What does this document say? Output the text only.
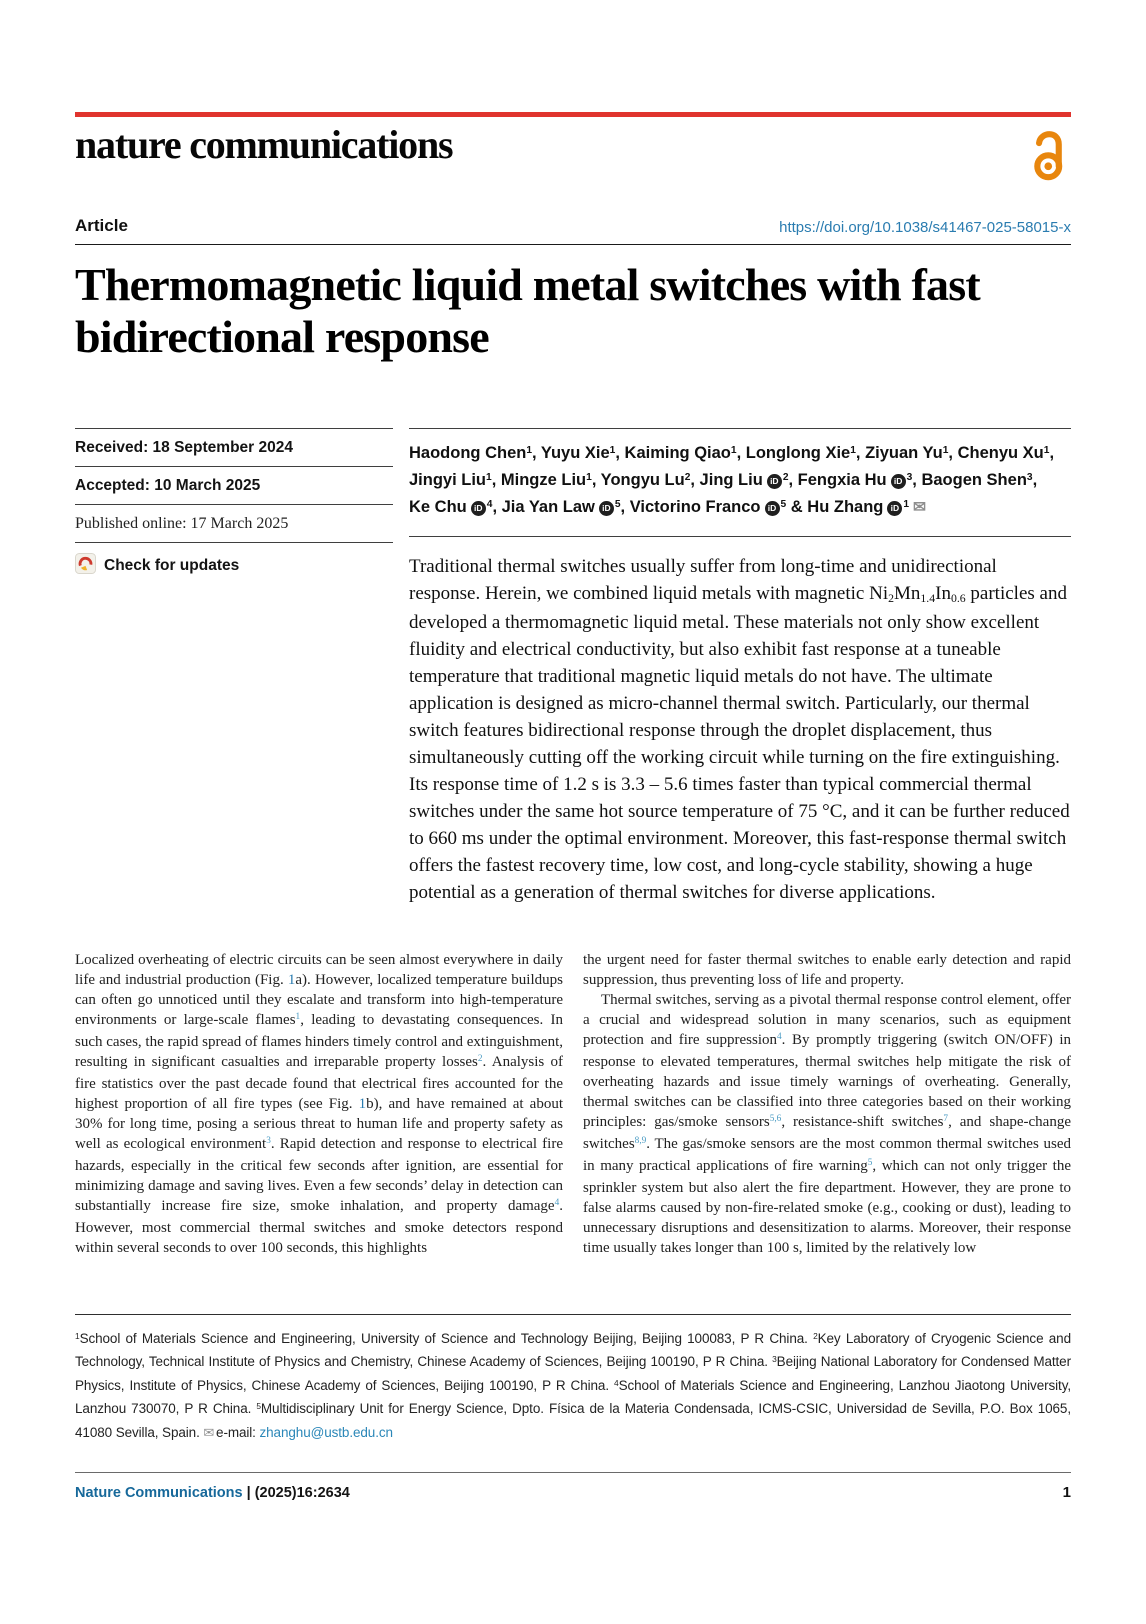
nature communications
Article	https://doi.org/10.1038/s41467-025-58015-x
Thermomagnetic liquid metal switches with fast bidirectional response
Received: 18 September 2024
Accepted: 10 March 2025
Published online: 17 March 2025
Check for updates

Haodong Chen$^1$, Yuyu Xie$^1$, Kaiming Qiao$^1$, Longlong Xie$^1$, Ziyuan Yu$^1$, Chenyu Xu$^1$,
Jingyi Liu$^1$, Mingze Liu$^1$, Yongyu Lu$^2$, Jing Liu iD $^2$, Fengxia Hu iD $^3$, Baogen Shen$^3$,
Ke Chu iD $^4$, Jia Yan Law iD $^5$, Victorino Franco iD $^5$ & Hu Zhang iD $^1$ ✉

Traditional thermal switches usually suffer from long-time and unidirectional response. Herein, we combined liquid metals with magnetic Ni2Mn1.4In0.6 particles and developed a thermomagnetic liquid metal. These materials not only show excellent fluidity and electrical conductivity, but also exhibit fast response at a tuneable temperature that traditional magnetic liquid metals do not have. The ultimate application is designed as micro-channel thermal switch. Particularly, our thermal switch features bidirectional response through the droplet displacement, thus simultaneously cutting off the working circuit while turning on the fire extinguishing. Its response time of 1.2 s is 3.3 – 5.6 times faster than typical commercial thermal switches under the same hot source temperature of 75 °C, and it can be further reduced to 660 ms under the optimal environment. Moreover, this fast-response thermal switch offers the fastest recovery time, low cost, and long-cycle stability, showing a huge potential as a generation of thermal switches for diverse applications.

Localized overheating of electric circuits can be seen almost everywhere in daily life and industrial production (Fig. 1a). However, localized temperature buildups can often go unnoticed until they escalate and transform into high-temperature environments or large-scale flames$^1$, leading to devastating consequences. In such cases, the rapid spread of flames hinders timely control and extinguishment, resulting in significant casualties and irreparable property losses$^2$. Analysis of fire statistics over the past decade found that electrical fires accounted for the highest proportion of all fire types (see Fig. 1b), and have remained at about 30% for long time, posing a serious threat to human life and property safety as well as ecological environment$^3$. Rapid detection and response to electrical fire hazards, especially in the critical few seconds after ignition, are essential for minimizing damage and saving lives. Even a few seconds’ delay in detection can substantially increase fire size, smoke inhalation, and property damage$^4$. However, most commercial thermal switches and smoke detectors respond within several seconds to over 100 seconds, this highlights

the urgent need for faster thermal switches to enable early detection and rapid suppression, thus preventing loss of life and property.

Thermal switches, serving as a pivotal thermal response control element, offer a crucial and widespread solution in many scenarios, such as equipment protection and fire suppression$^4$. By promptly triggering (switch ON/OFF) in response to elevated temperatures, thermal switches help mitigate the risk of overheating hazards and issue timely warnings of overheating. Generally, thermal switches can be classified into three categories based on their working principles: gas/smoke sensors$^{5,6}$, resistance-shift switches$^7$, and shape-change switches$^{8,9}$. The gas/smoke sensors are the most common thermal switches used in many practical applications of fire warning$^5$, which can not only trigger the sprinkler system but also alert the fire department. However, they are prone to false alarms caused by non-fire-related smoke (e.g., cooking or dust), leading to unnecessary disruptions and desensitization to alarms. Moreover, their response time usually takes longer than 100 s, limited by the relatively low

$^1$School of Materials Science and Engineering, University of Science and Technology Beijing, Beijing 100083, P R China. $^2$Key Laboratory of Cryogenic Science and Technology, Technical Institute of Physics and Chemistry, Chinese Academy of Sciences, Beijing 100190, P R China. $^3$Beijing National Laboratory for Condensed Matter Physics, Institute of Physics, Chinese Academy of Sciences, Beijing 100190, P R China. $^4$School of Materials Science and Engineering, Lanzhou Jiaotong University, Lanzhou 730070, P R China. $^5$Multidisciplinary Unit for Energy Science, Dpto. Física de la Materia Condensada, ICMS-CSIC, Universidad de Sevilla, P.O. Box 1065, 41080 Sevilla, Spain. ✉ e-mail: zhanghu@ustb.edu.cn

Nature Communications | (2025)16:2634	1
